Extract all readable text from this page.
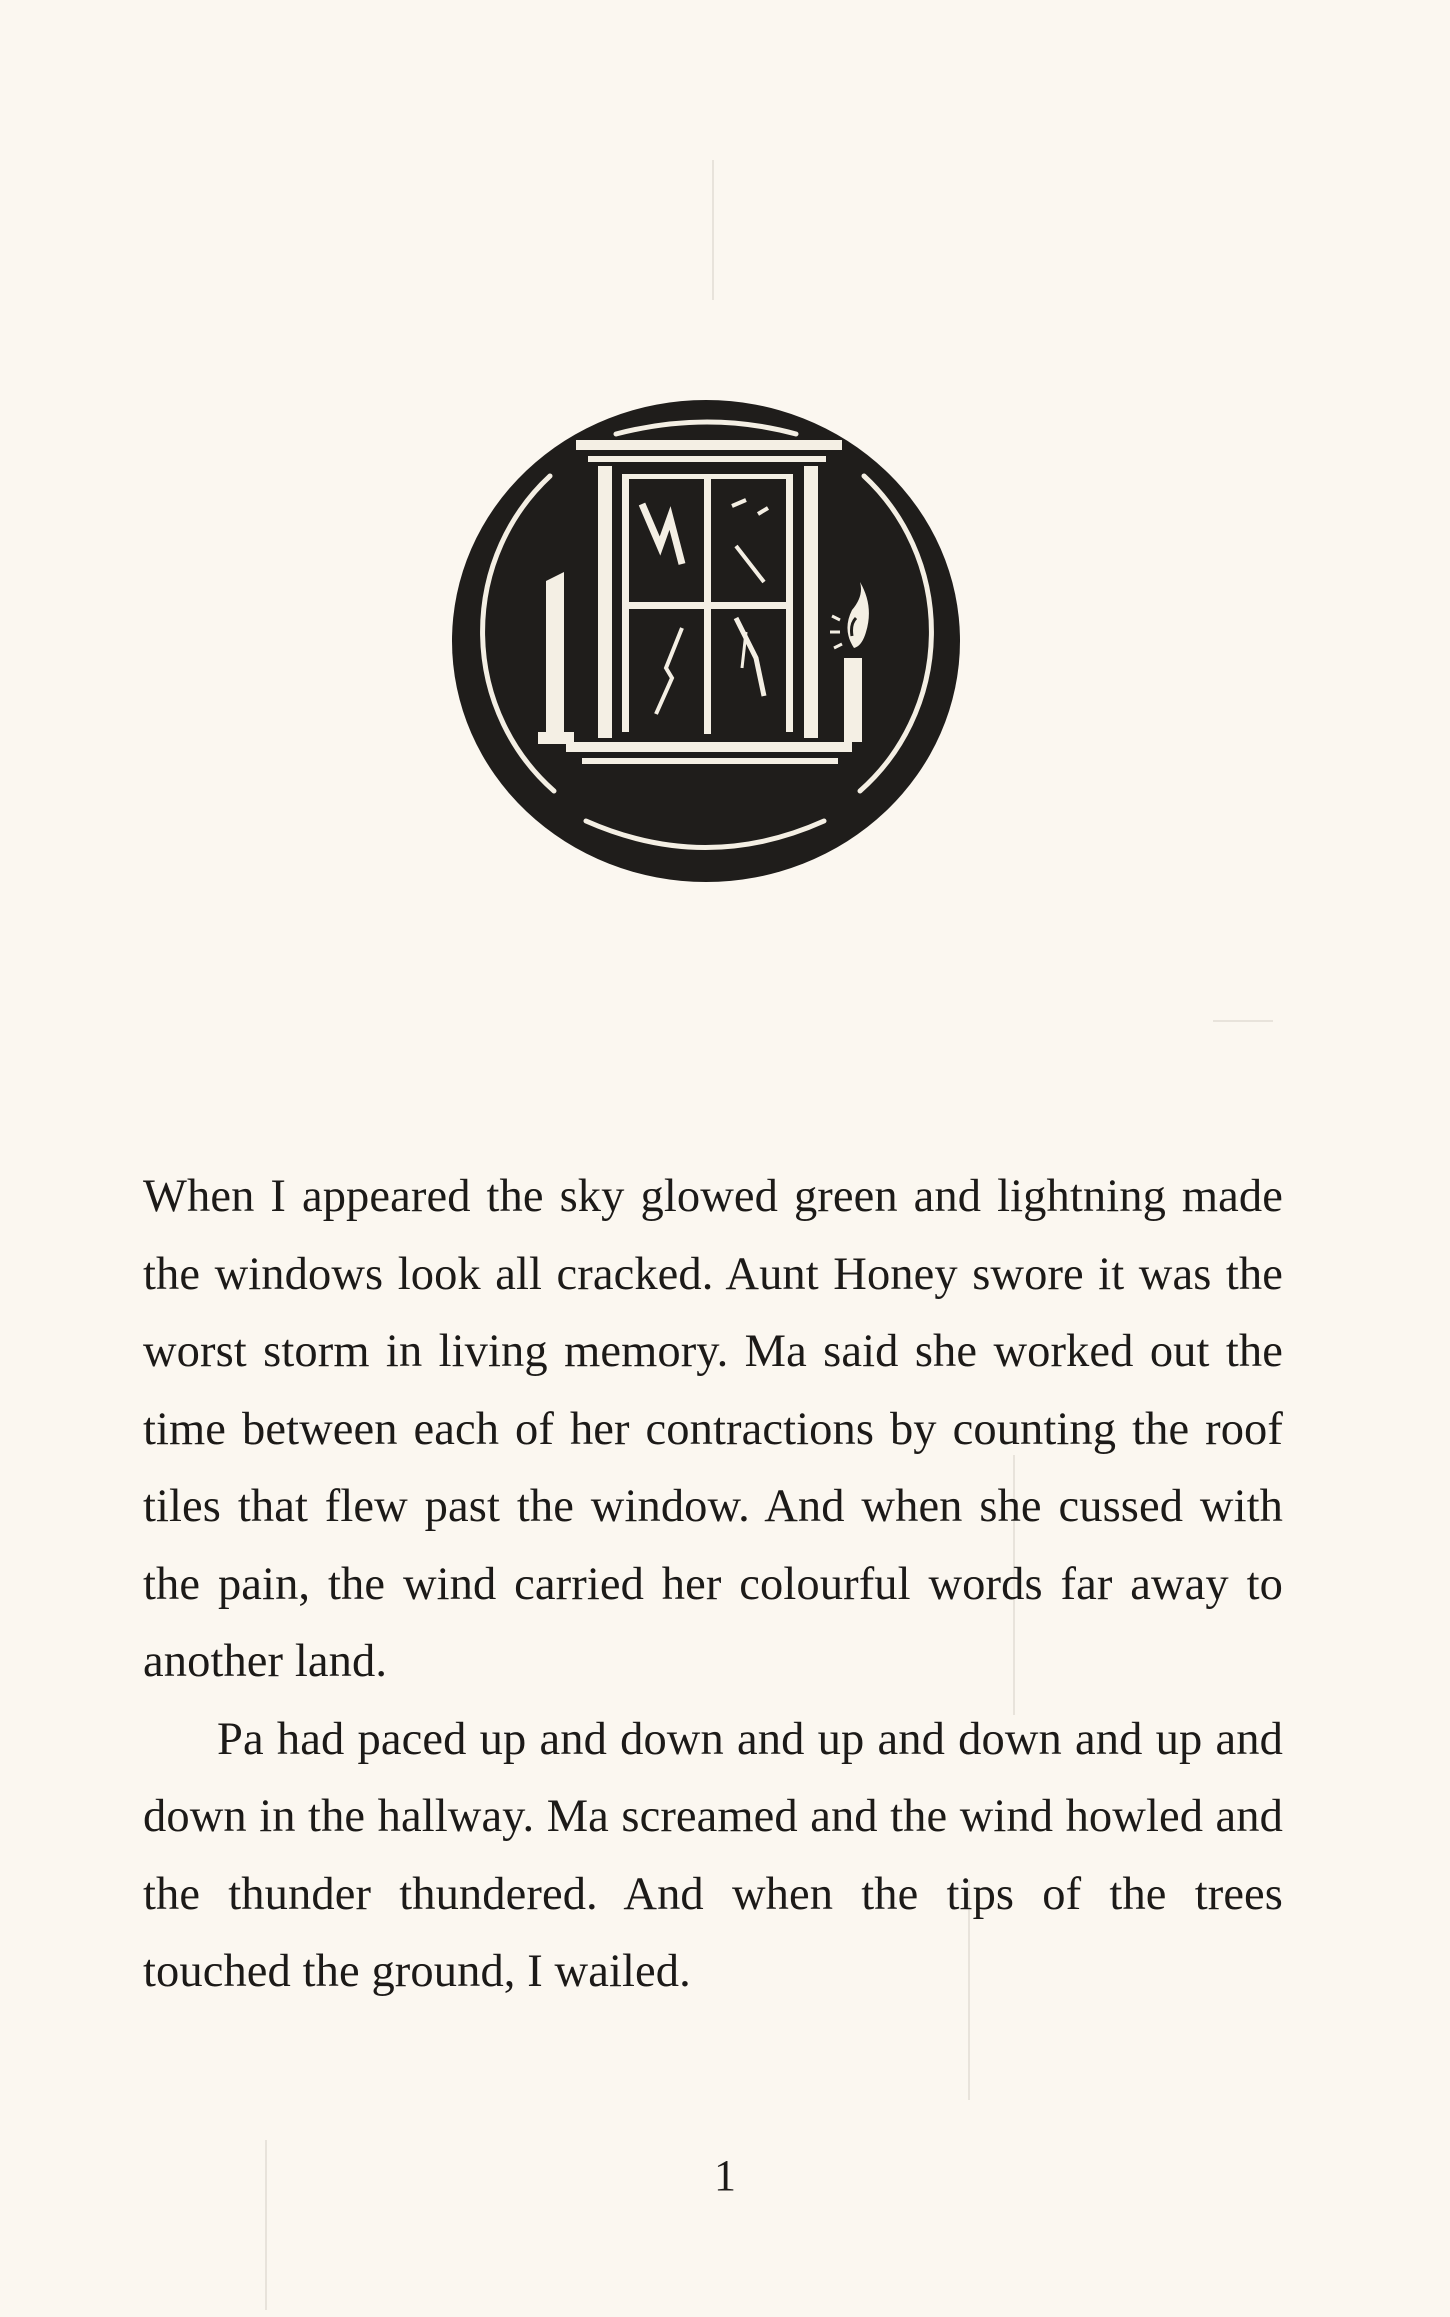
When I appeared the sky glowed green and lightning made the windows look all cracked. Aunt Honey swore it was the worst storm in living memory. Ma said she worked out the time between each of her contractions by counting the roof tiles that flew past the window. And when she cussed with the pain, the wind carried her colourful words far away to another land.

Pa had paced up and down and up and down and up and down in the hallway. Ma screamed and the wind howled and the thunder thundered. And when the tips of the trees touched the ground, I wailed.

1
